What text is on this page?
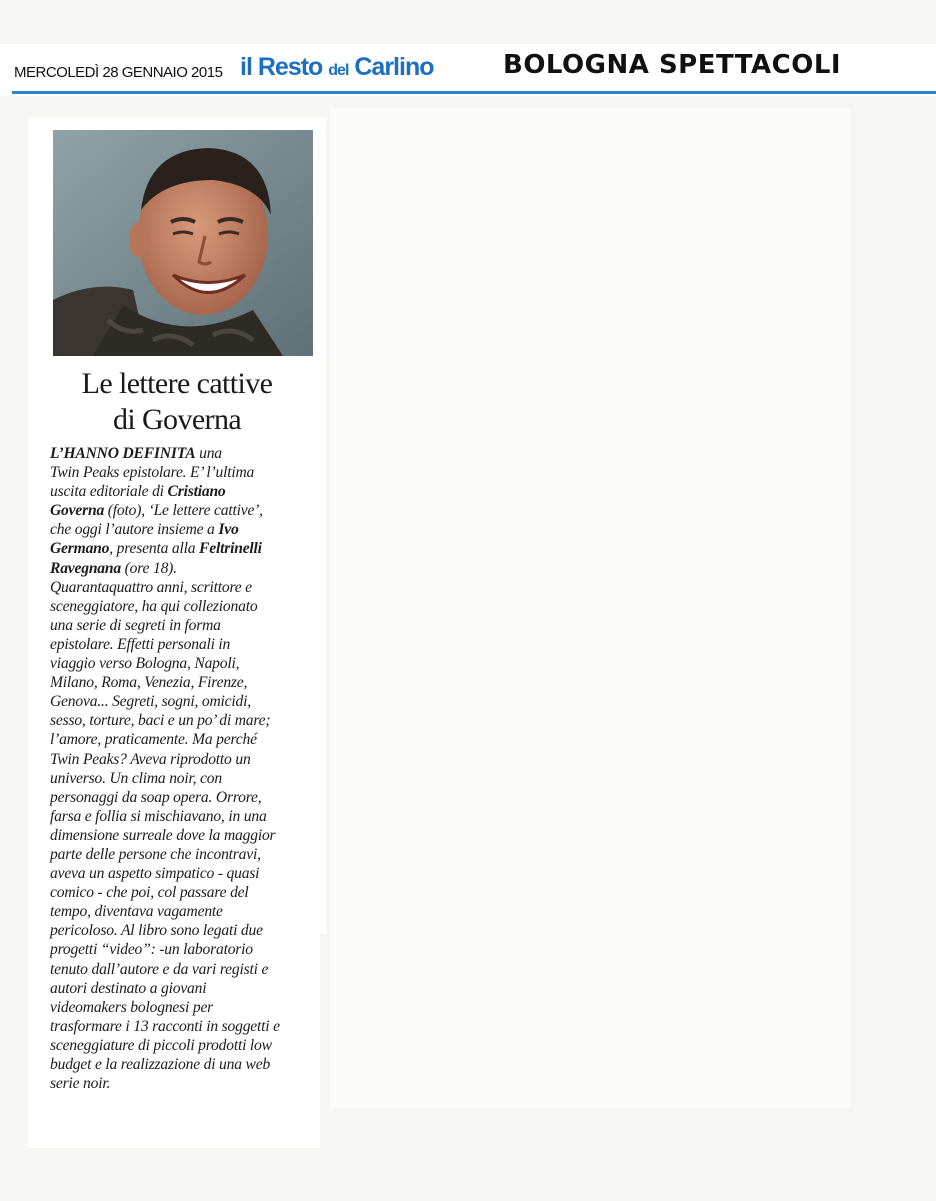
MERCOLEDÌ 28 GENNAIO 2015 il Resto del Carlino	BOLOGNA SPETTACOLI
Le lettere cattive
di Governa
L’HANNO DEFINITA una
Twin Peaks epistolare. E’ l’ultima
uscita editoriale di Cristiano
Governa (foto), ‘Le lettere cattive’,
che oggi l’autore insieme a Ivo
Germano, presenta alla Feltrinelli
Ravegnana (ore 18).
Quarantaquattro anni, scrittore e
sceneggiatore, ha qui collezionato
una serie di segreti in forma
epistolare. Effetti personali in
viaggio verso Bologna, Napoli,
Milano, Roma, Venezia, Firenze,
Genova... Segreti, sogni, omicidi,
sesso, torture, baci e un po’ di mare;
l’amore, praticamente. Ma perché
Twin Peaks? Aveva riprodotto un
universo. Un clima noir, con
personaggi da soap opera. Orrore,
farsa e follia si mischiavano, in una
dimensione surreale dove la maggior
parte delle persone che incontravi,
aveva un aspetto simpatico - quasi
comico - che poi, col passare del
tempo, diventava vagamente
pericoloso. Al libro sono legati due
progetti “video”: -un laboratorio
tenuto dall’autore e da vari registi e
autori destinato a giovani
videomakers bolognesi per
trasformare i 13 racconti in soggetti e
sceneggiature di piccoli prodotti low
budget e la realizzazione di una web
serie noir.
